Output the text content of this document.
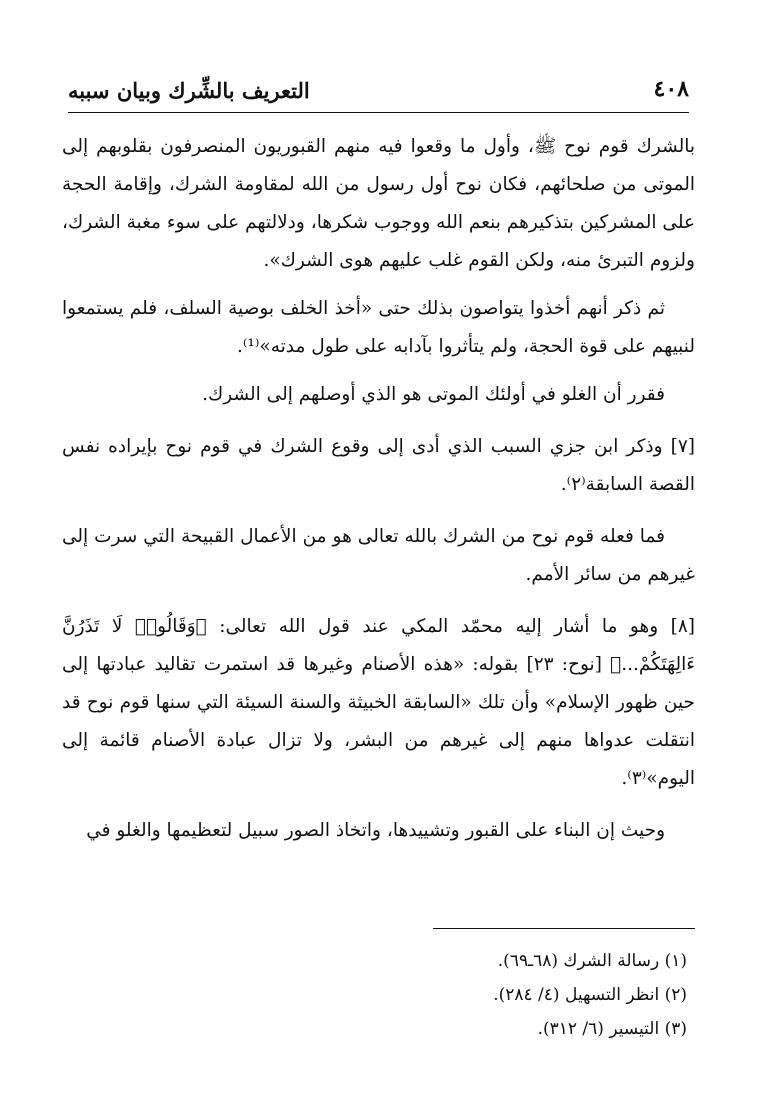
٤٠٨
التعريف بالشِّرك وبيان سببه

بالشرك قوم نوح ﷺ، وأول ما وقعوا فيه منهم القبوريون المنصرفون بقلوبهم إلى الموتى من صلحائهم، فكان نوح أول رسول من الله لمقاومة الشرك، وإقامة الحجة على المشركين بتذكيرهم بنعم الله ووجوب شكرها، ودلالتهم على سوء مغبة الشرك، ولزوم التبرئ منه، ولكن القوم غلب عليهم هوى الشرك».

ثم ذكر أنهم أخذوا يتواصون بذلك حتى «أخذ الخلف بوصية السلف، فلم يستمعوا لنبيهم على قوة الحجة، ولم يتأثروا بآدابه على طول مدته»⁽¹⁾.

فقرر أن الغلو في أولئك الموتى هو الذي أوصلهم إلى الشرك.

[٧] وذكر ابن جزي السبب الذي أدى إلى وقوع الشرك في قوم نوح بإيراده نفس القصة السابقة⁽٢⁾.

فما فعله قوم نوح من الشرك بالله تعالى هو من الأعمال القبيحة التي سرت إلى غيرهم من سائر الأمم.

[٨] وهو ما أشار إليه محمّد المكي عند قول الله تعالى: ﴿وَقَالُوا۟ لَا تَذَرُنَّ ءَالِهَتَكُمْ...﴾ [نوح: ٢٣] بقوله: «هذه الأصنام وغيرها قد استمرت تقاليد عبادتها إلى حين ظهور الإسلام» وأن تلك «السابقة الخبيثة والسنة السيئة التي سنها قوم نوح قد انتقلت عدواها منهم إلى غيرهم من البشر، ولا تزال عبادة الأصنام قائمة إلى اليوم»⁽٣⁾.

وحيث إن البناء على القبور وتشييدها، واتخاذ الصور سبيل لتعظيمها والغلو في

(١) رسالة الشرك (٦٨ـ٦٩).
(٢) انظر التسهيل (٤/ ٢٨٤).
(٣) التيسير (٦/ ٣١٢).
